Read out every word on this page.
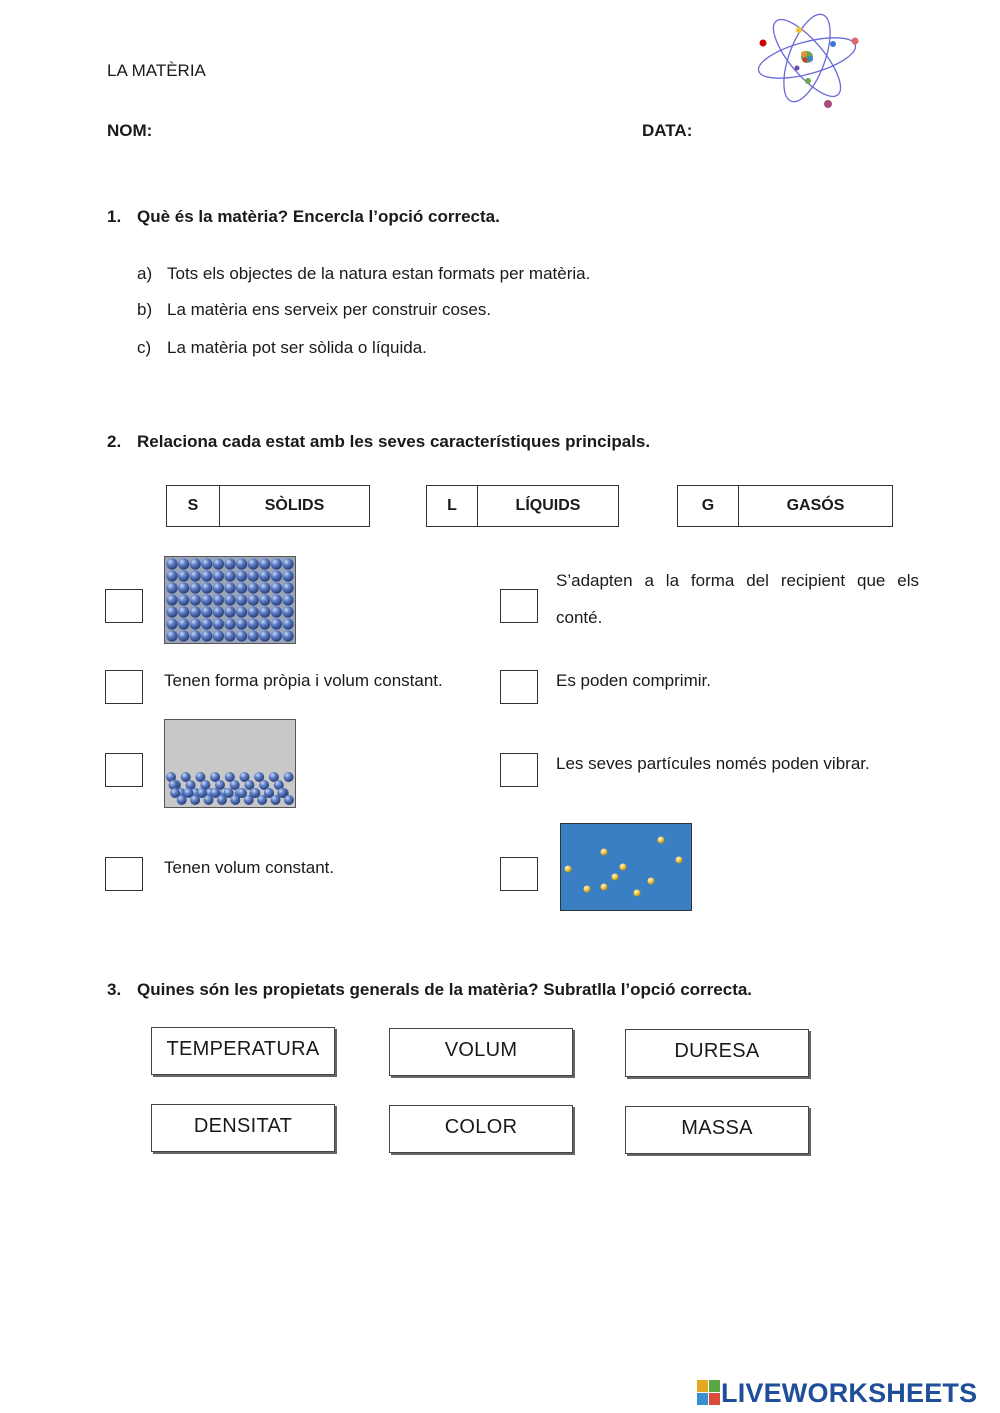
LA MATÈRIA
NOM:	DATA:
1. Què és la matèria? Encercla l’opció correcta.
a) Tots els objectes de la natura estan formats per matèria.
b) La matèria ens serveix per construir coses.
c) La matèria pot ser sòlida o líquida.
2. Relaciona cada estat amb les seves característiques principals.
S	SÒLIDS	L	LÍQUIDS	G	GASÓS
Tenen forma pròpia i volum constant.
Tenen volum constant.
S’adapten a la forma del recipient que els conté.
Es poden comprimir.
Les seves partícules només poden vibrar.
3. Quines són les propietats generals de la matèria? Subratlla l’opció correcta.
TEMPERATURA	VOLUM	DURESA
DENSITAT	COLOR	MASSA
LIVEWORKSHEETS
